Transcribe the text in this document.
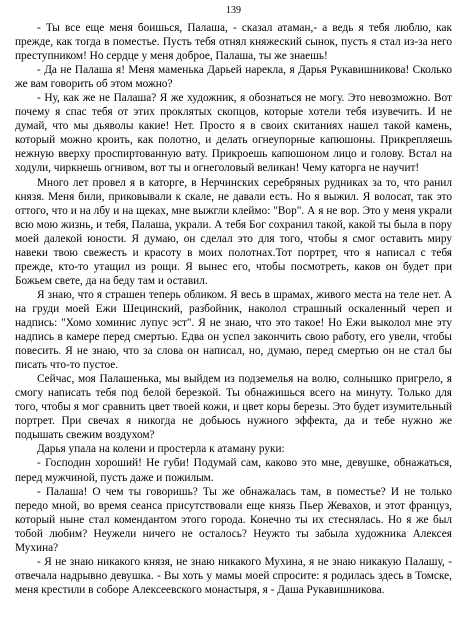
139

- Ты все еще меня боишься, Палаша, - сказал атаман,- а ведь я тебя люблю, как прежде, как тогда в поместье. Пусть тебя отнял княжеский сынок, пусть я стал из-за него преступником! Но сердце у меня доброе, Палаша, ты же знаешь!

- Да не Палаша я! Меня маменька Дарьей нарекла, я Дарья Рукавишникова! Сколько же вам говорить об этом можно?

- Ну, как же не Палаша? Я же художник, я обознаться не могу. Это невозможно. Вот почему я спас тебя от этих проклятых скопцов, которые хотели тебя изувечить. И не думай, что мы дьяволы какие! Нет. Просто я в своих скитаниях нашел такой камень, который можно кроить, как полотно, и делать огнеупорные капюшоны. Прикрепляешь нежную вверху проспиртованную вату. Прикроешь капюшоном лицо и голову. Встал на ходули, чиркнешь огнивом, вот ты и огнеголовый великан! Чему каторга не научит!

Много лет провел я в каторге, в Нерчинских серебряных рудниках за то, что ранил князя. Меня били, приковывали к скале, не давали есть. Но я выжил. Я волосат, так это оттого, что и на лбу и на щеках, мне выжгли клеймо: "Вор". А я не вор. Это у меня украли всю мою жизнь, и тебя, Палаша, украли. А тебя Бог сохранил такой, какой ты была в пору моей далекой юности. Я думаю, он сделал это для того, чтобы я смог оставить миру навеки твою свежесть и красоту в моих полотнах.Тот портрет, что я написал с тебя прежде, кто-то утащил из рощи. Я вынес его, чтобы посмотреть, каков он будет при Божьем свете, да на беду там и оставил.

Я знаю, что я страшен теперь обликом. Я весь в шрамах, живого места на теле нет. А на груди моей Ежи Шецинский, разбойник, наколол страшный оскаленный череп и надпись: "Хомо хоминис лупус эст". Я не знаю, что это такое! Но Ежи выколол мне эту надпись в камере перед смертью. Едва он успел закончить свою работу, его увели, чтобы повесить. Я не знаю, что за слова он написал, но, думаю, перед смертью он не стал бы писать что-то пустое.

Сейчас, моя Палашенька, мы выйдем из подземелья на волю, солнышко пригрело, я смогу написать тебя под белой березкой. Ты обнажишься всего на минуту. Только для того, чтобы я мог сравнить цвет твоей кожи, и цвет коры березы. Это будет изумительный портрет. При свечах я никогда не добьюсь нужного эффекта, да и тебе нужно же подышать свежим воздухом?

Дарья упала на колени и простерла к атаману руки:

- Господин хороший! Не губи! Подумай сам, каково это мне, девушке, обнажаться, перед мужчиной, пусть даже и пожилым.

- Палаша! О чем ты говоришь? Ты же обнажалась там, в поместье? И не только передо мной, во время сеанса присутствовали еще князь Пьер Жевахов, и этот француз, который ныне стал комендантом этого города. Конечно ты их стеснялась. Но я же был тобой любим? Неужели ничего не осталось? Неужто ты забыла художника Алексея Мухина?

- Я не знаю никакого князя, не знаю никакого Мухина, я не знаю никакую Палашу, - отвечала надрывно девушка. - Вы хоть у мамы моей спросите: я родилась здесь в Томске, меня крестили в соборе Алексеевского монастыря, я - Даша Рукавишникова.
